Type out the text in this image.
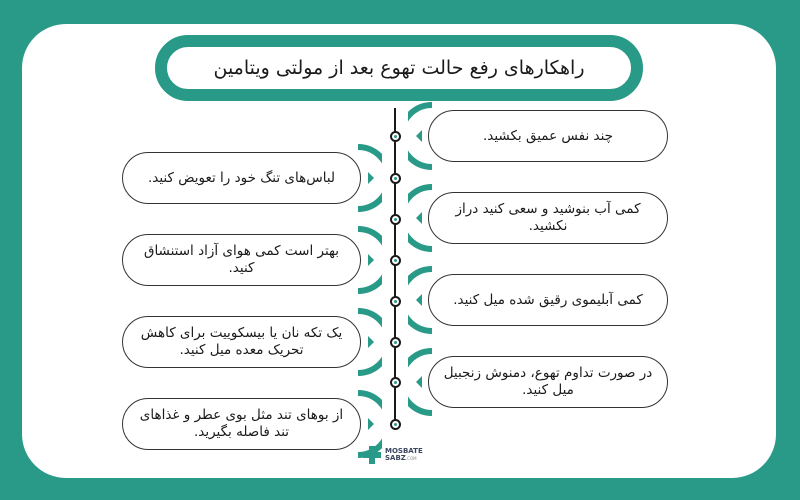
راهکارهای رفع حالت تهوع بعد از مولتی ویتامین
چند نفس عمیق بکشید.
کمی آب بنوشید و سعی کنید دراز نکشید.
کمی آبلیموی رقیق شده میل کنید.
در صورت تداوم تهوع، دمنوش زنجبیل میل کنید.
لباس‌های تنگ خود را تعویض کنید.
بهتر است کمی هوای آزاد استنشاق کنید.
یک تکه نان یا بیسکوییت برای کاهش تحریک معده میل کنید.
از بوهای تند مثل بوی عطر و غذاهای تند فاصله بگیرید.
MOSBATE
SABZ.COM
